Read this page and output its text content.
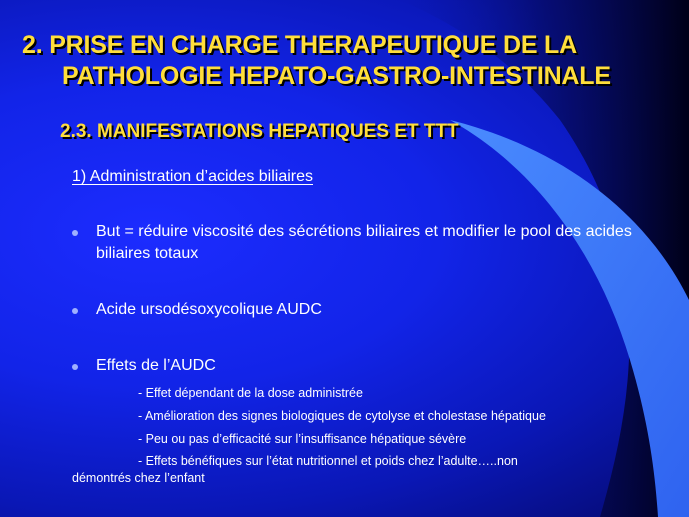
2. PRISE EN CHARGE THERAPEUTIQUE DE LA
PATHOLOGIE HEPATO-GASTRO-INTESTINALE
2.3. MANIFESTATIONS HEPATIQUES ET TTT
1) Administration d’acides biliaires
But = réduire viscosité des sécrétions biliaires et modifier le pool des acides biliaires totaux
Acide ursodésoxycolique AUDC
Effets de l’AUDC
- Effet dépendant de la dose administrée
- Amélioration des signes biologiques de cytolyse et cholestase hépatique
- Peu ou pas d’efficacité sur l’insuffisance hépatique sévère
- Effets bénéfiques sur l’état nutritionnel et poids chez l’adulte…..non
démontrés chez l’enfant
